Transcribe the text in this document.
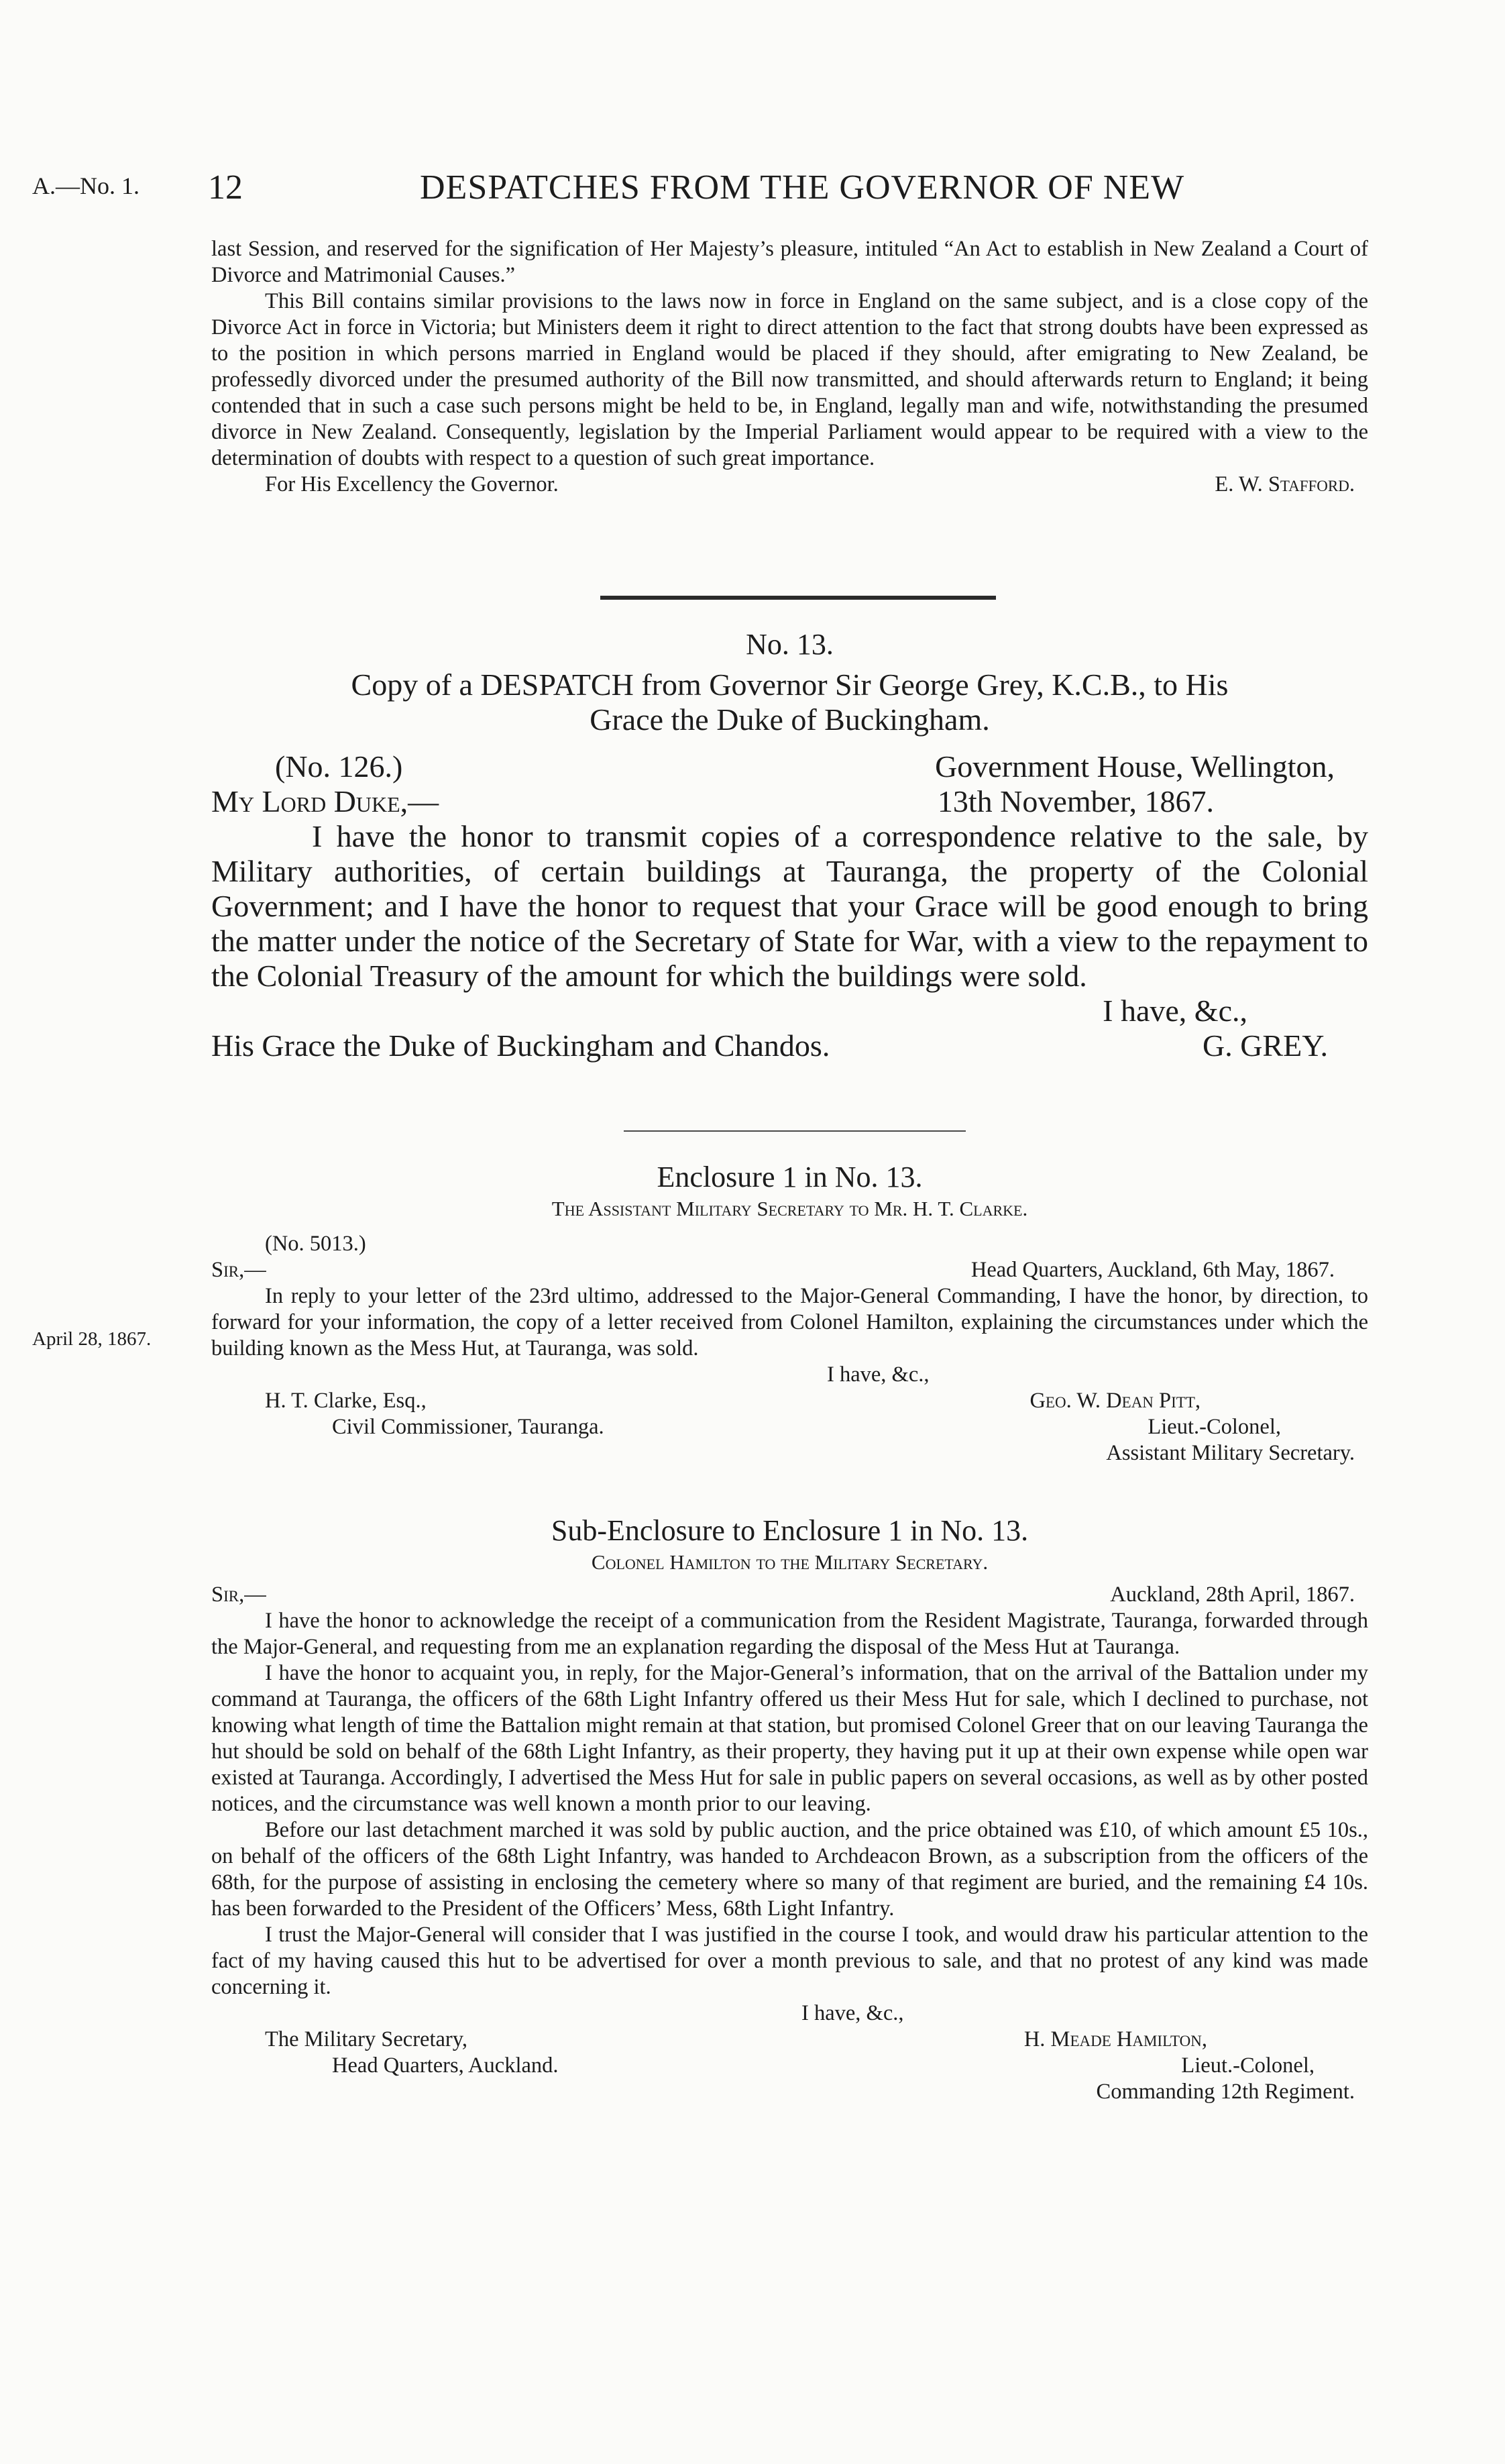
A.—No. 1. 12	DESPATCHES FROM THE GOVERNOR OF NEW

last Session, and reserved for the signification of Her Majesty’s pleasure, intituled “An Act to establish in New Zealand a Court of Divorce and Matrimonial Causes.”

This Bill contains similar provisions to the laws now in force in England on the same subject, and is a close copy of the Divorce Act in force in Victoria; but Ministers deem it right to direct attention to the fact that strong doubts have been expressed as to the position in which persons married in England would be placed if they should, after emigrating to New Zealand, be professedly divorced under the presumed authority of the Bill now transmitted, and should afterwards return to England; it being contended that in such a case such persons might be held to be, in England, legally man and wife, notwithstanding the presumed divorce in New Zealand. Consequently, legislation by the Imperial Parliament would appear to be required with a view to the determination of doubts with respect to a question of such great importance.

For His Excellency the Governor.	E. W. Stafford.
No. 13.
Copy of a DESPATCH from Governor Sir George Grey, K.C.B., to His
Grace the Duke of Buckingham.
(No. 126.)	Government House, Wellington,
My Lord Duke,—	13th November, 1867.

I have the honor to transmit copies of a correspondence relative to the sale, by Military authorities, of certain buildings at Tauranga, the property of the Colonial Government; and I have the honor to request that your Grace will be good enough to bring the matter under the notice of the Secretary of State for War, with a view to the repayment to the Colonial Treasury of the amount for which the buildings were sold.

I have, &c.,
His Grace the Duke of Buckingham and Chandos.	G. GREY.
Enclosure 1 in No. 13.
The Assistant Military Secretary to Mr. H. T. Clarke.
(No. 5013.)
Sir,—	Head Quarters, Auckland, 6th May, 1867.

In reply to your letter of the 23rd ultimo, addressed to the Major-General Commanding, I have the honor, by direction, to forward for your information, the copy of a letter received from Colonel Hamilton, explaining the circumstances under which the building known as the Mess Hut, at Tauranga, was sold.

I have, &c.,
H. T. Clarke, Esq.,	Geo. W. Dean Pitt,
Civil Commissioner, Tauranga.	Lieut.-Colonel,
Assistant Military Secretary.
April 28, 1867.
Sub-Enclosure to Enclosure 1 in No. 13.
Colonel Hamilton to the Military Secretary.
Sir,—	Auckland, 28th April, 1867.

I have the honor to acknowledge the receipt of a communication from the Resident Magistrate, Tauranga, forwarded through the Major-General, and requesting from me an explanation regarding the disposal of the Mess Hut at Tauranga.

I have the honor to acquaint you, in reply, for the Major-General’s information, that on the arrival of the Battalion under my command at Tauranga, the officers of the 68th Light Infantry offered us their Mess Hut for sale, which I declined to purchase, not knowing what length of time the Battalion might remain at that station, but promised Colonel Greer that on our leaving Tauranga the hut should be sold on behalf of the 68th Light Infantry, as their property, they having put it up at their own expense while open war existed at Tauranga. Accordingly, I advertised the Mess Hut for sale in public papers on several occasions, as well as by other posted notices, and the circumstance was well known a month prior to our leaving.

Before our last detachment marched it was sold by public auction, and the price obtained was £10, of which amount £5 10s., on behalf of the officers of the 68th Light Infantry, was handed to Archdeacon Brown, as a subscription from the officers of the 68th, for the purpose of assisting in enclosing the cemetery where so many of that regiment are buried, and the remaining £4 10s. has been forwarded to the President of the Officers’ Mess, 68th Light Infantry.

I trust the Major-General will consider that I was justified in the course I took, and would draw his particular attention to the fact of my having caused this hut to be advertised for over a month previous to sale, and that no protest of any kind was made concerning it.

I have, &c.,
The Military Secretary,	H. Meade Hamilton,
Head Quarters, Auckland.	Lieut.-Colonel,
Commanding 12th Regiment.
